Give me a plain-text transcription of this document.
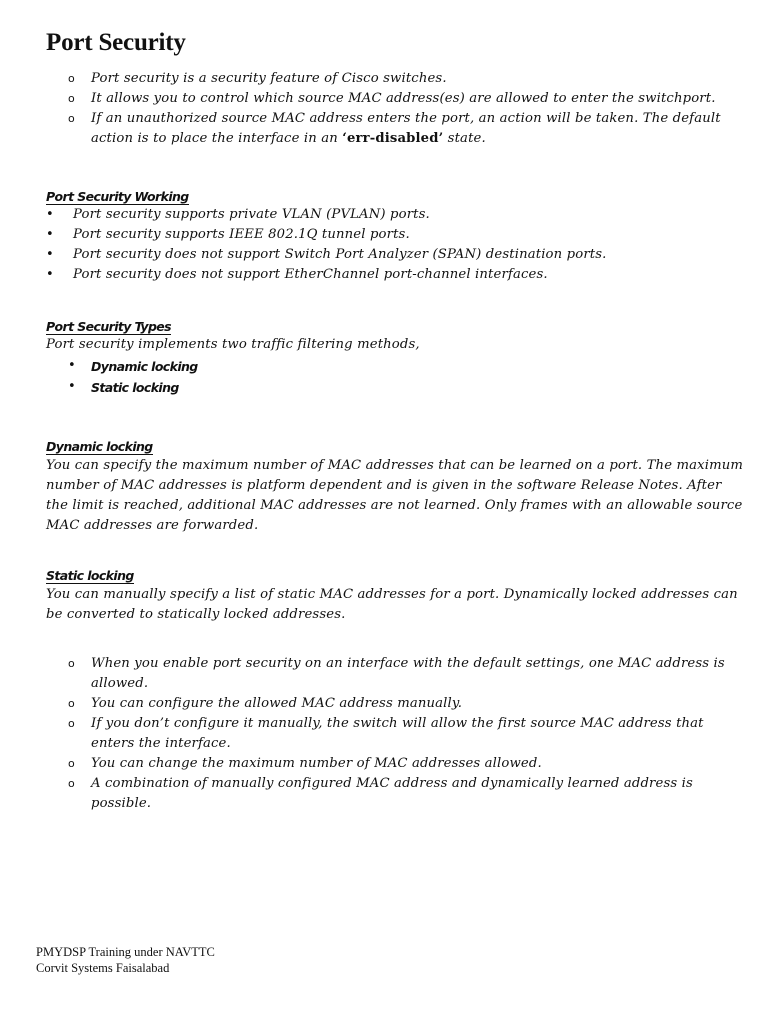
Port Security
o Port security is a security feature of Cisco switches.
o It allows you to control which source MAC address(es) are allowed to enter the switchport.
o If an unauthorized source MAC address enters the port, an action will be taken. The default action is to place the interface in an ‘err-disabled’ state.
Port Security Working
• Port security supports private VLAN (PVLAN) ports.
• Port security supports IEEE 802.1Q tunnel ports.
• Port security does not support Switch Port Analyzer (SPAN) destination ports.
• Port security does not support EtherChannel port-channel interfaces.
Port Security Types

Port security implements two traffic filtering methods,

• Dynamic locking
• Static locking
Dynamic locking

You can specify the maximum number of MAC addresses that can be learned on a port. The maximum number of MAC addresses is platform dependent and is given in the software Release Notes. After the limit is reached, additional MAC addresses are not learned. Only frames with an allowable source MAC addresses are forwarded.

Static locking

You can manually specify a list of static MAC addresses for a port. Dynamically locked addresses can be converted to statically locked addresses.

o When you enable port security on an interface with the default settings, one MAC address is allowed.
o You can configure the allowed MAC address manually.
o If you don’t configure it manually, the switch will allow the first source MAC address that enters the interface.
o You can change the maximum number of MAC addresses allowed.
o A combination of manually configured MAC address and dynamically learned address is possible.
PMYDSP Training under NAVTTC
Corvit Systems Faisalabad
